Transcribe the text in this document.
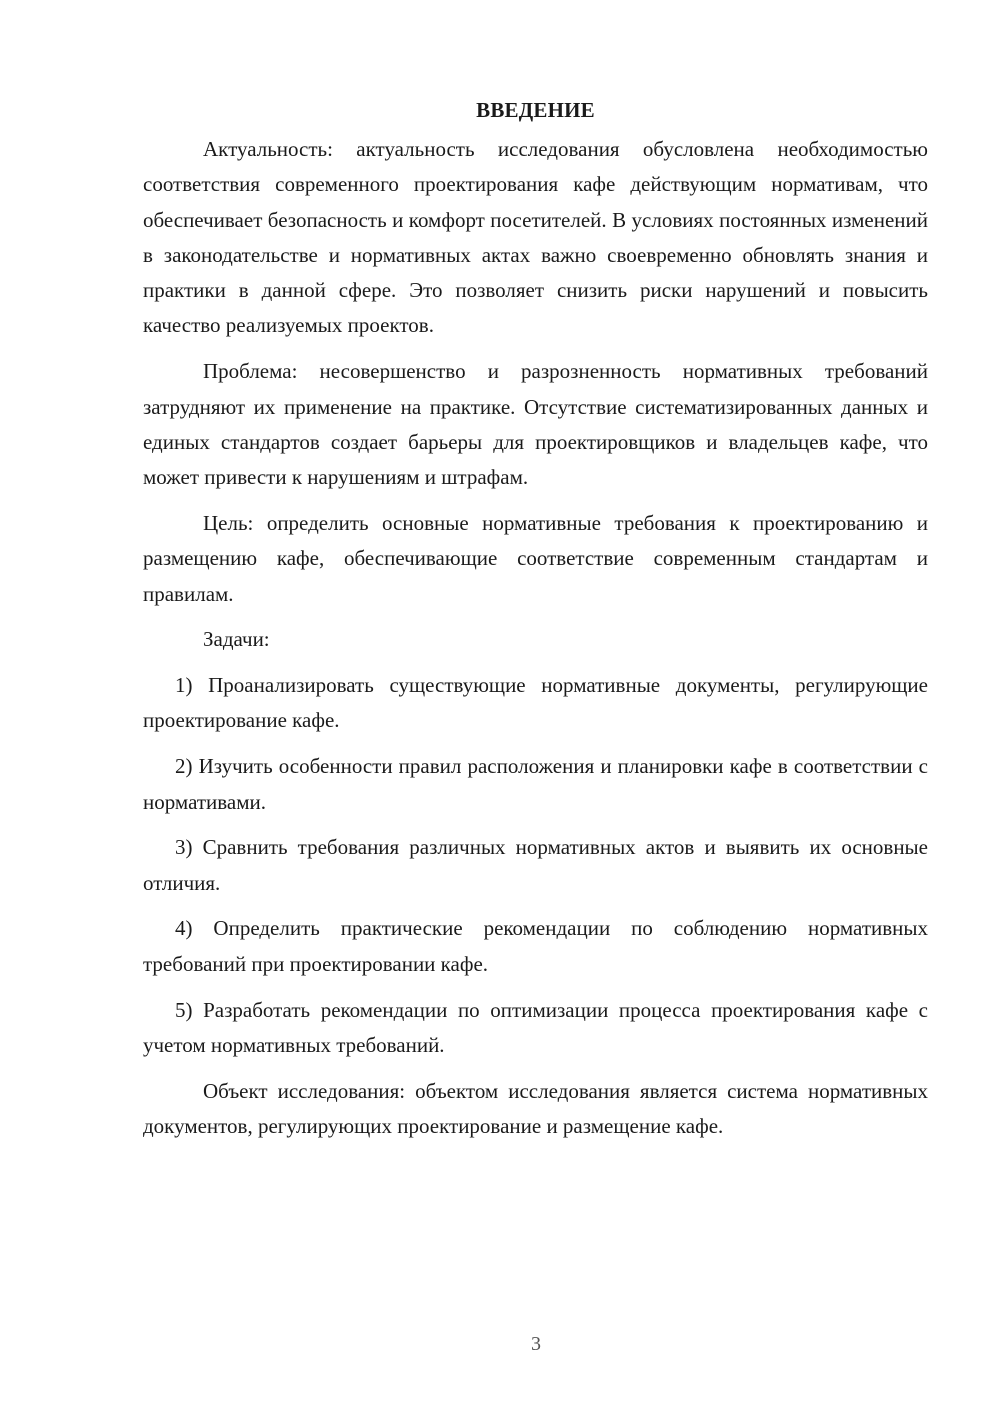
ВВЕДЕНИЕ

Актуальность: актуальность исследования обусловлена необходимостью соответствия современного проектирования кафе действующим нормативам, что обеспечивает безопасность и комфорт посетителей. В условиях постоянных изменений в законодательстве и нормативных актах важно своевременно обновлять знания и практики в данной сфере. Это позволяет снизить риски нарушений и повысить качество реализуемых проектов.

Проблема: несовершенство и разрозненность нормативных требований затрудняют их применение на практике. Отсутствие систематизированных данных и единых стандартов создает барьеры для проектировщиков и владельцев кафе, что может привести к нарушениям и штрафам.

Цель: определить основные нормативные требования к проектированию и размещению кафе, обеспечивающие соответствие современным стандартам и правилам.

Задачи:

1) Проанализировать существующие нормативные документы, регулирующие проектирование кафе.

2) Изучить особенности правил расположения и планировки кафе в соответствии с нормативами.

3) Сравнить требования различных нормативных актов и выявить их основные отличия.

4) Определить практические рекомендации по соблюдению нормативных требований при проектировании кафе.

5) Разработать рекомендации по оптимизации процесса проектирования кафе с учетом нормативных требований.

Объект исследования: объектом исследования является система нормативных документов, регулирующих проектирование и размещение кафе.

3
